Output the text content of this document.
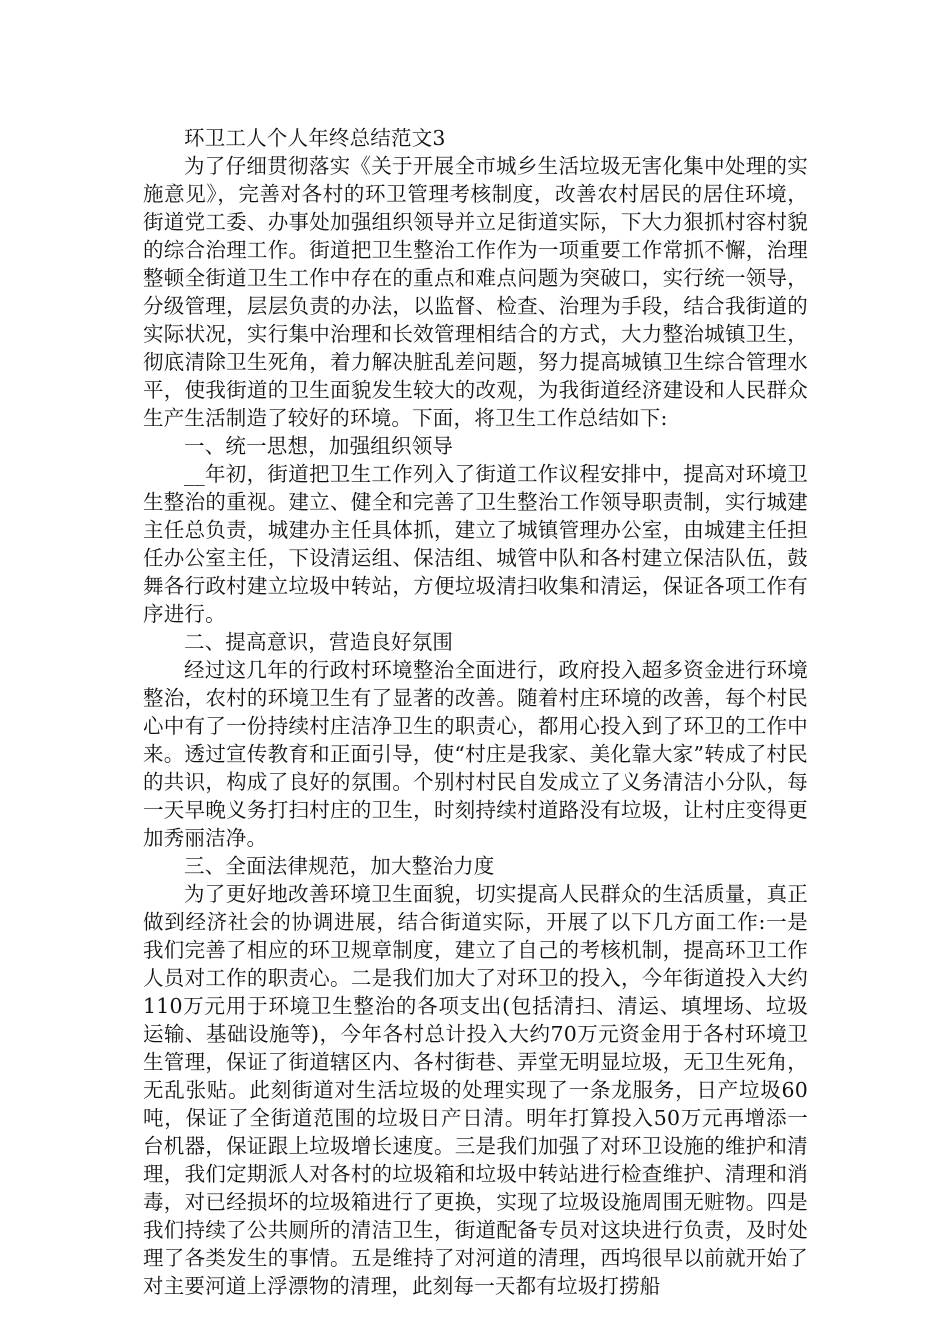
环卫工人个人年终总结范文3

为了仔细贯彻落实《关于开展全市城乡生活垃圾无害化集中处理的实施意见》，完善对各村的环卫管理考核制度，改善农村居民的居住环境，街道党工委、办事处加强组织领导并立足街道实际，下大力狠抓村容村貌的综合治理工作。街道把卫生整治工作作为一项重要工作常抓不懈，治理整顿全街道卫生工作中存在的重点和难点问题为突破口，实行统一领导，分级管理，层层负责的办法，以监督、检查、治理为手段，结合我街道的实际状况，实行集中治理和长效管理相结合的方式，大力整治城镇卫生，彻底清除卫生死角，着力解决脏乱差问题，努力提高城镇卫生综合管理水平，使我街道的卫生面貌发生较大的改观，为我街道经济建设和人民群众生产生活制造了较好的环境。下面，将卫生工作总结如下:

一、统一思想，加强组织领导

__年初，街道把卫生工作列入了街道工作议程安排中，提高对环境卫生整治的重视。建立、健全和完善了卫生整治工作领导职责制，实行城建主任总负责，城建办主任具体抓，建立了城镇管理办公室，由城建主任担任办公室主任，下设清运组、保洁组、城管中队和各村建立保洁队伍，鼓舞各行政村建立垃圾中转站，方便垃圾清扫收集和清运，保证各项工作有序进行。

二、提高意识，营造良好氛围

经过这几年的行政村环境整治全面进行，政府投入超多资金进行环境整治，农村的环境卫生有了显著的改善。随着村庄环境的改善，每个村民心中有了一份持续村庄洁净卫生的职责心，都用心投入到了环卫的工作中来。透过宣传教育和正面引导，使“村庄是我家、美化靠大家”转成了村民的共识，构成了良好的氛围。个别村村民自发成立了义务清洁小分队，每一天早晚义务打扫村庄的卫生，时刻持续村道路没有垃圾，让村庄变得更加秀丽洁净。

三、全面法律规范，加大整治力度

为了更好地改善环境卫生面貌，切实提高人民群众的生活质量，真正做到经济社会的协调进展，结合街道实际，开展了以下几方面工作:一是我们完善了相应的环卫规章制度，建立了自己的考核机制，提高环卫工作人员对工作的职责心。二是我们加大了对环卫的投入，今年街道投入大约110万元用于环境卫生整治的各项支出(包括清扫、清运、填埋场、垃圾运输、基础设施等)，今年各村总计投入大约70万元资金用于各村环境卫生管理，保证了街道辖区内、各村街巷、弄堂无明显垃圾，无卫生死角，无乱张贴。此刻街道对生活垃圾的处理实现了一条龙服务，日产垃圾60吨，保证了全街道范围的垃圾日产日清。明年打算投入50万元再增添一台机器，保证跟上垃圾增长速度。三是我们加强了对环卫设施的维护和清理，我们定期派人对各村的垃圾箱和垃圾中转站进行检查维护、清理和消毒，对已经损坏的垃圾箱进行了更换，实现了垃圾设施周围无赃物。四是我们持续了公共厕所的清洁卫生，街道配备专员对这块进行负责，及时处理了各类发生的事情。五是维持了对河道的清理，西坞很早以前就开始了对主要河道上浮漂物的清理，此刻每一天都有垃圾打捞船
